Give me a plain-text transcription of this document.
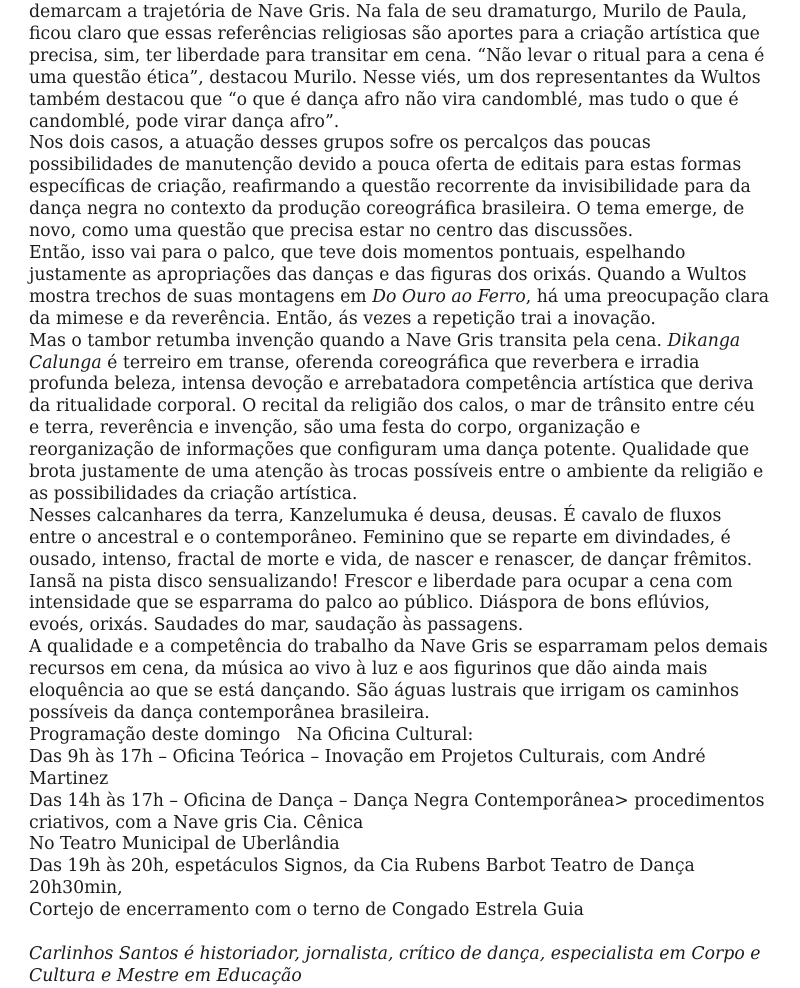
demarcam a trajetória de Nave Gris. Na fala de seu dramaturgo, Murilo de Paula, ficou claro que essas referências religiosas são aportes para a criação artística que precisa, sim, ter liberdade para transitar em cena. “Não levar o ritual para a cena é uma questão ética”, destacou Murilo. Nesse viés, um dos representantes da Wultos também destacou que “o que é dança afro não vira candomblé, mas tudo o que é candomblé, pode virar dança afro”.

Nos dois casos, a atuação desses grupos sofre os percalços das poucas possibilidades de manutenção devido a pouca oferta de editais para estas formas específicas de criação, reafirmando a questão recorrente da invisibilidade para da dança negra no contexto da produção coreográfica brasileira. O tema emerge, de novo, como uma questão que precisa estar no centro das discussões.

Então, isso vai para o palco, que teve dois momentos pontuais, espelhando justamente as apropriações das danças e das figuras dos orixás. Quando a Wultos mostra trechos de suas montagens em Do Ouro ao Ferro, há uma preocupação clara da mimese e da reverência. Então, ás vezes a repetição trai a inovação.

Mas o tambor retumba invenção quando a Nave Gris transita pela cena. Dikanga Calunga é terreiro em transe, oferenda coreográfica que reverbera e irradia profunda beleza, intensa devoção e arrebatadora competência artística que deriva da ritualidade corporal. O recital da religião dos calos, o mar de trânsito entre céu e terra, reverência e invenção, são uma festa do corpo, organização e reorganização de informações que configuram uma dança potente. Qualidade que brota justamente de uma atenção às trocas possíveis entre o ambiente da religião e as possibilidades da criação artística.

Nesses calcanhares da terra, Kanzelumuka é deusa, deusas. É cavalo de fluxos entre o ancestral e o contemporâneo. Feminino que se reparte em divindades, é ousado, intenso, fractal de morte e vida, de nascer e renascer, de dançar frêmitos. Iansã na pista disco sensualizando! Frescor e liberdade para ocupar a cena com intensidade que se esparrama do palco ao público. Diáspora de bons eflúvios, evoés, orixás. Saudades do mar, saudação às passagens.

A qualidade e a competência do trabalho da Nave Gris se esparramam pelos demais recursos em cena, da música ao vivo à luz e aos figurinos que dão ainda mais eloquência ao que se está dançando. São águas lustrais que irrigam os caminhos possíveis da dança contemporânea brasileira.

Programação deste domingo   Na Oficina Cultural:

Das 9h às 17h – Oficina Teórica – Inovação em Projetos Culturais, com André Martinez

Das 14h às 17h – Oficina de Dança – Dança Negra Contemporânea> procedimentos criativos, com a Nave gris Cia. Cênica

No Teatro Municipal de Uberlândia

Das 19h às 20h, espetáculos Signos, da Cia Rubens Barbot Teatro de Dança 20h30min,

Cortejo de encerramento com o terno de Congado Estrela Guia

Carlinhos Santos é historiador, jornalista, crítico de dança, especialista em Corpo e Cultura e Mestre em Educação
